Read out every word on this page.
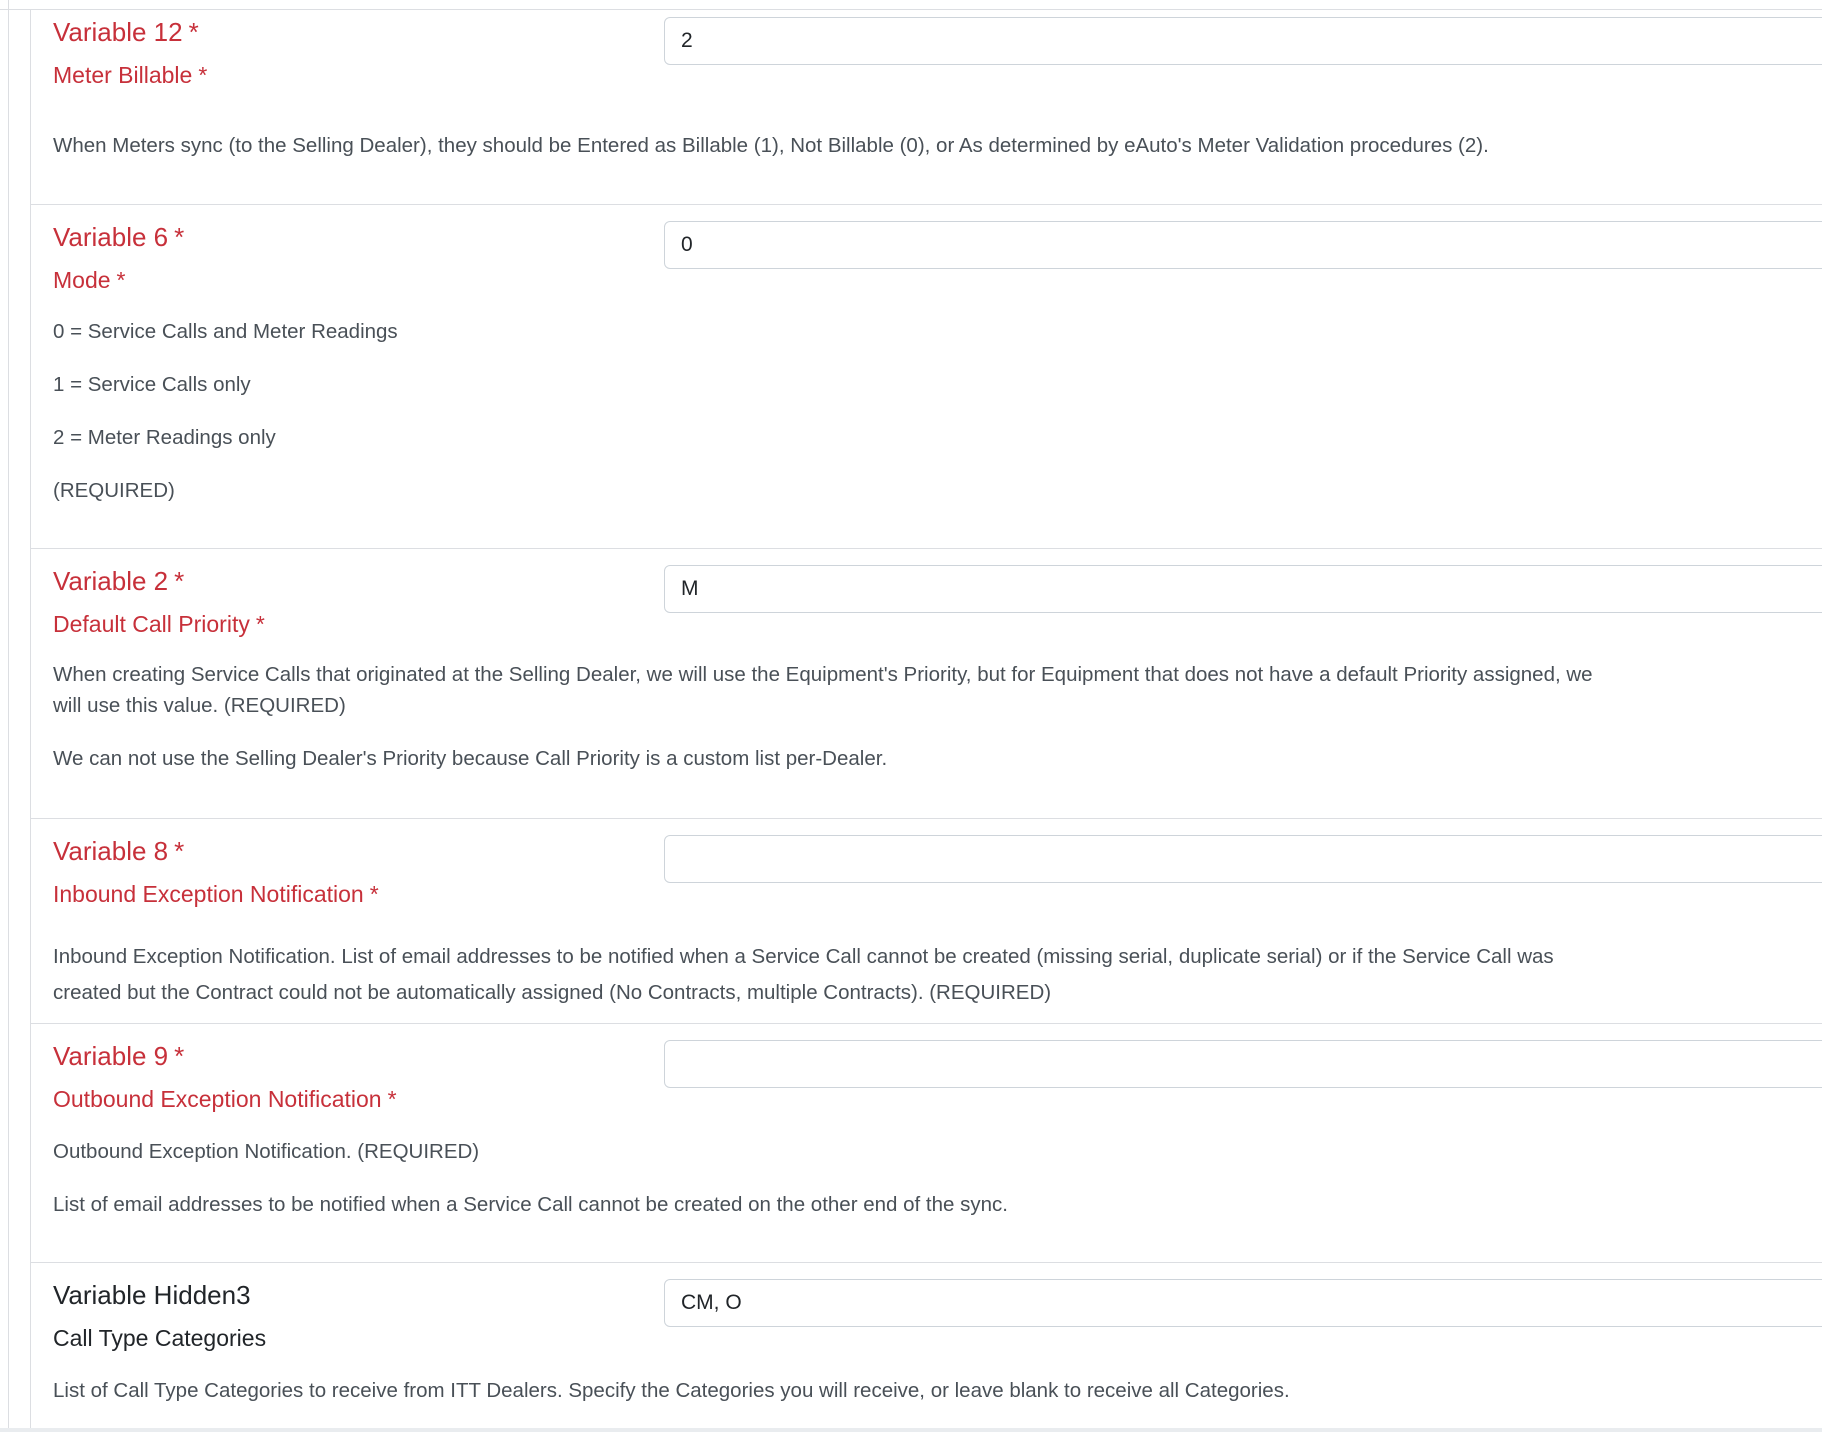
Variable 12 *
Meter Billable *
2

When Meters sync (to the Selling Dealer), they should be Entered as Billable (1), Not Billable (0), or As determined by eAuto's Meter Validation procedures (2).

Variable 6 *
Mode *
0

0 = Service Calls and Meter Readings

1 = Service Calls only

2 = Meter Readings only

(REQUIRED)

Variable 2 *
Default Call Priority *
M

When creating Service Calls that originated at the Selling Dealer, we will use the Equipment's Priority, but for Equipment that does not have a default Priority assigned, we will use this value. (REQUIRED)

We can not use the Selling Dealer's Priority because Call Priority is a custom list per-Dealer.

Variable 8 *
Inbound Exception Notification *

Inbound Exception Notification. List of email addresses to be notified when a Service Call cannot be created (missing serial, duplicate serial) or if the Service Call was created but the Contract could not be automatically assigned (No Contracts, multiple Contracts). (REQUIRED)

Variable 9 *
Outbound Exception Notification *

Outbound Exception Notification. (REQUIRED)

List of email addresses to be notified when a Service Call cannot be created on the other end of the sync.

Variable Hidden3
Call Type Categories
CM, O

List of Call Type Categories to receive from ITT Dealers. Specify the Categories you will receive, or leave blank to receive all Categories.
